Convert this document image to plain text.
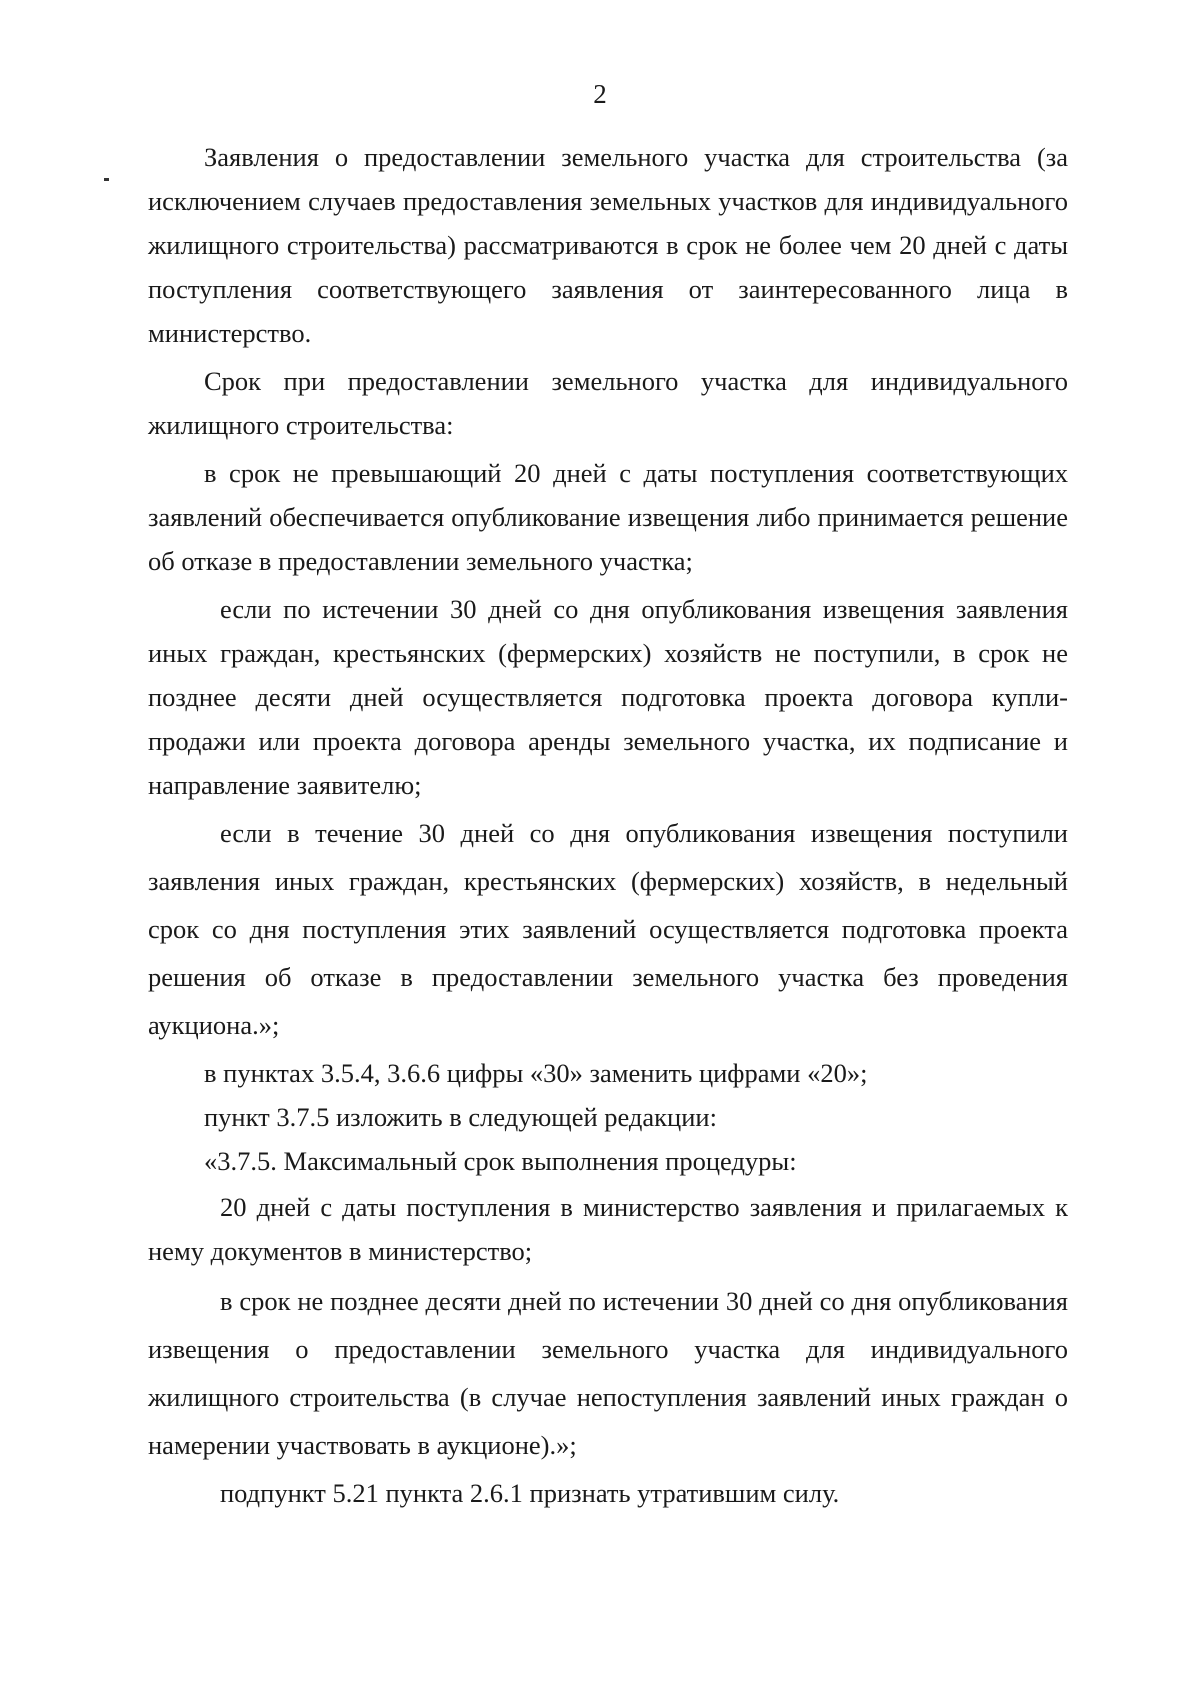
2

Заявления о предоставлении земельного участка для строительства (за исключением случаев предоставления земельных участков для индивидуального жилищного строительства) рассматриваются в срок не более чем 20 дней с даты поступления соответствующего заявления от заинтересованного лица в министерство.

Срок при предоставлении земельного участка для индивидуального жилищного строительства:

в срок не превышающий 20 дней с даты поступления соответствующих заявлений обеспечивается опубликование извещения либо принимается решение об отказе в предоставлении земельного участка;

если по истечении 30 дней со дня опубликования извещения заявления иных граждан, крестьянских (фермерских) хозяйств не поступили, в срок не позднее десяти дней осуществляется подготовка проекта договора купли-продажи или проекта договора аренды земельного участка, их подписание и направление заявителю;

если в течение 30 дней со дня опубликования извещения поступили заявления иных граждан, крестьянских (фермерских) хозяйств, в недельный срок со дня поступления этих заявлений осуществляется подготовка проекта решения об отказе в предоставлении земельного участка без проведения аукциона.»;

в пунктах 3.5.4, 3.6.6 цифры «30» заменить цифрами «20»;

пункт 3.7.5 изложить в следующей редакции:

«3.7.5. Максимальный срок выполнения процедуры:

20 дней с даты поступления в министерство заявления и прилагаемых к нему документов в министерство;

в срок не позднее десяти дней по истечении 30 дней со дня опубликования извещения о предоставлении земельного участка для индивидуального жилищного строительства (в случае непоступления заявлений иных граждан о намерении участвовать в аукционе).»;

подпункт 5.21 пункта 2.6.1 признать утратившим силу.
